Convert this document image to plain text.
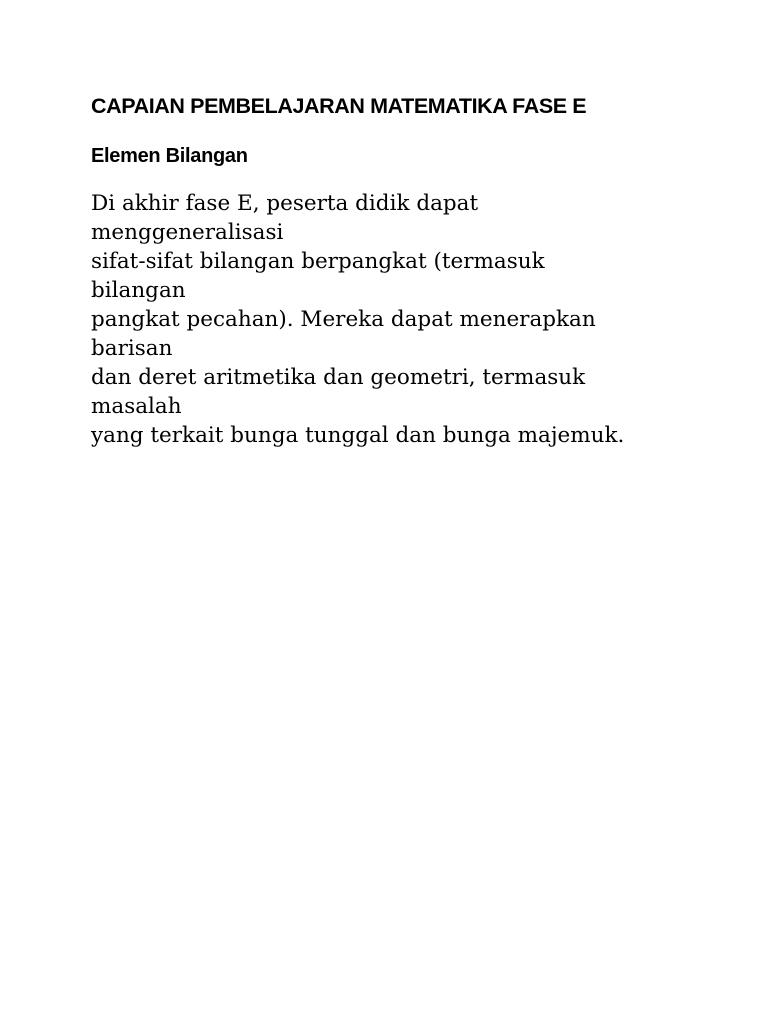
CAPAIAN PEMBELAJARAN MATEMATIKA FASE E
Elemen Bilangan

Di akhir fase E, peserta didik dapat
menggeneralisasi
sifat-sifat bilangan berpangkat (termasuk
bilangan
pangkat pecahan). Mereka dapat menerapkan
barisan
dan deret aritmetika dan geometri, termasuk
masalah
yang terkait bunga tunggal dan bunga majemuk.
